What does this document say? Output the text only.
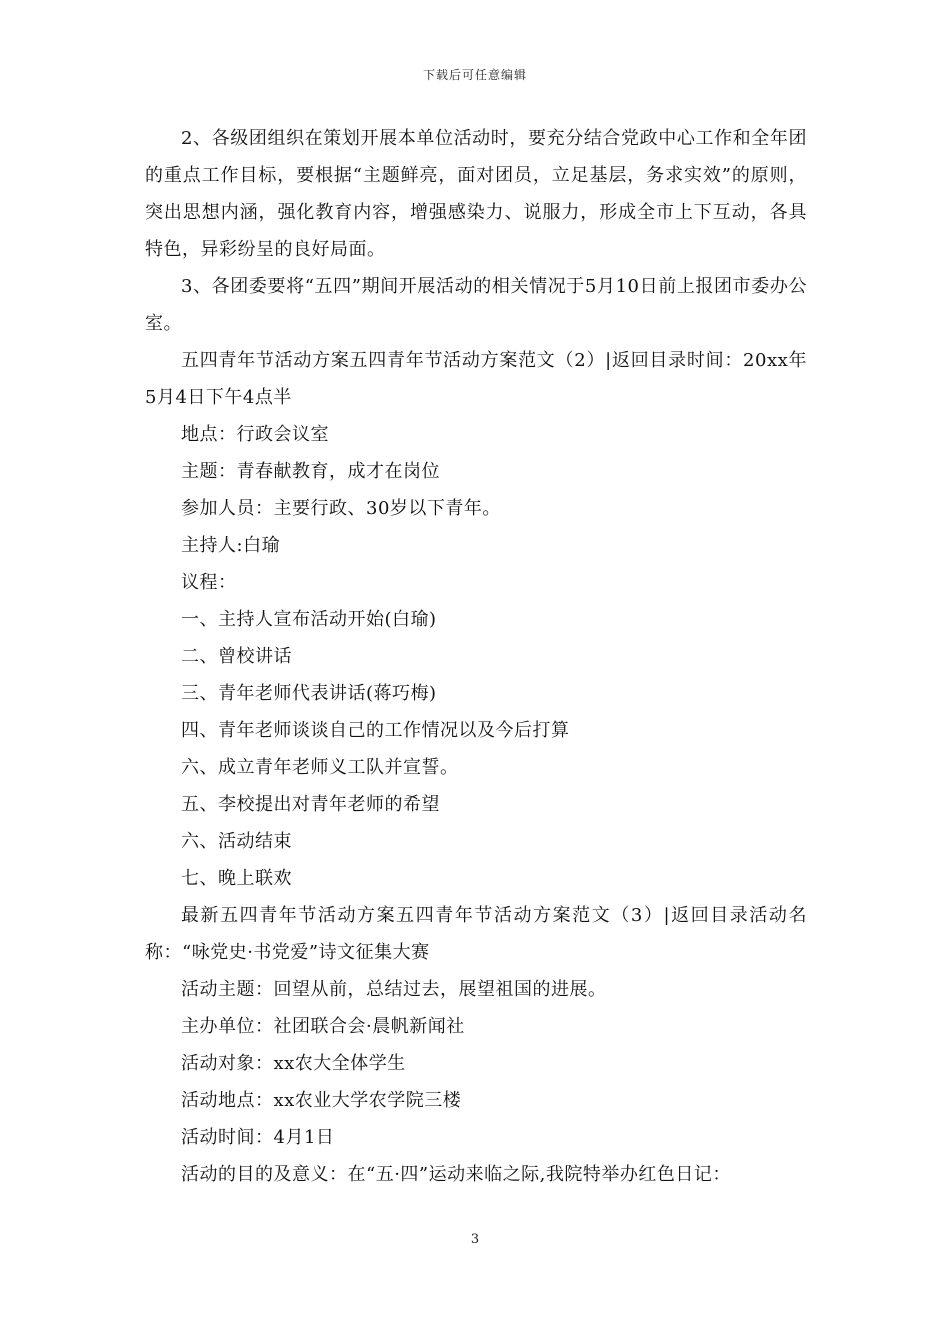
下载后可任意编辑

2、各级团组织在策划开展本单位活动时，要充分结合党政中心工作和全年团的重点工作目标，要根据“主题鲜亮，面对团员，立足基层，务求实效”的原则，突出思想内涵，强化教育内容，增强感染力、说服力，形成全市上下互动，各具特色，异彩纷呈的良好局面。

3、各团委要将“五四”期间开展活动的相关情况于5月10日前上报团市委办公室。

五四青年节活动方案五四青年节活动方案范文（2）|返回目录时间：20xx年5月4日下午4点半

地点：行政会议室

主题：青春献教育，成才在岗位

参加人员：主要行政、30岁以下青年。

主持人:白瑜

议程：

一、主持人宣布活动开始(白瑜)

二、曾校讲话

三、青年老师代表讲话(蒋巧梅)

四、青年老师谈谈自己的工作情况以及今后打算

六、成立青年老师义工队并宣誓。

五、李校提出对青年老师的希望

六、活动结束

七、晚上联欢

最新五四青年节活动方案五四青年节活动方案范文（3）|返回目录活动名称：“咏党史·书党爱”诗文征集大赛

活动主题：回望从前，总结过去，展望祖国的进展。

主办单位：社团联合会·晨帆新闻社

活动对象：xx农大全体学生

活动地点：xx农业大学农学院三楼

活动时间：4月1日

活动的目的及意义：在“五·四”运动来临之际,我院特举办红色日记：

3
